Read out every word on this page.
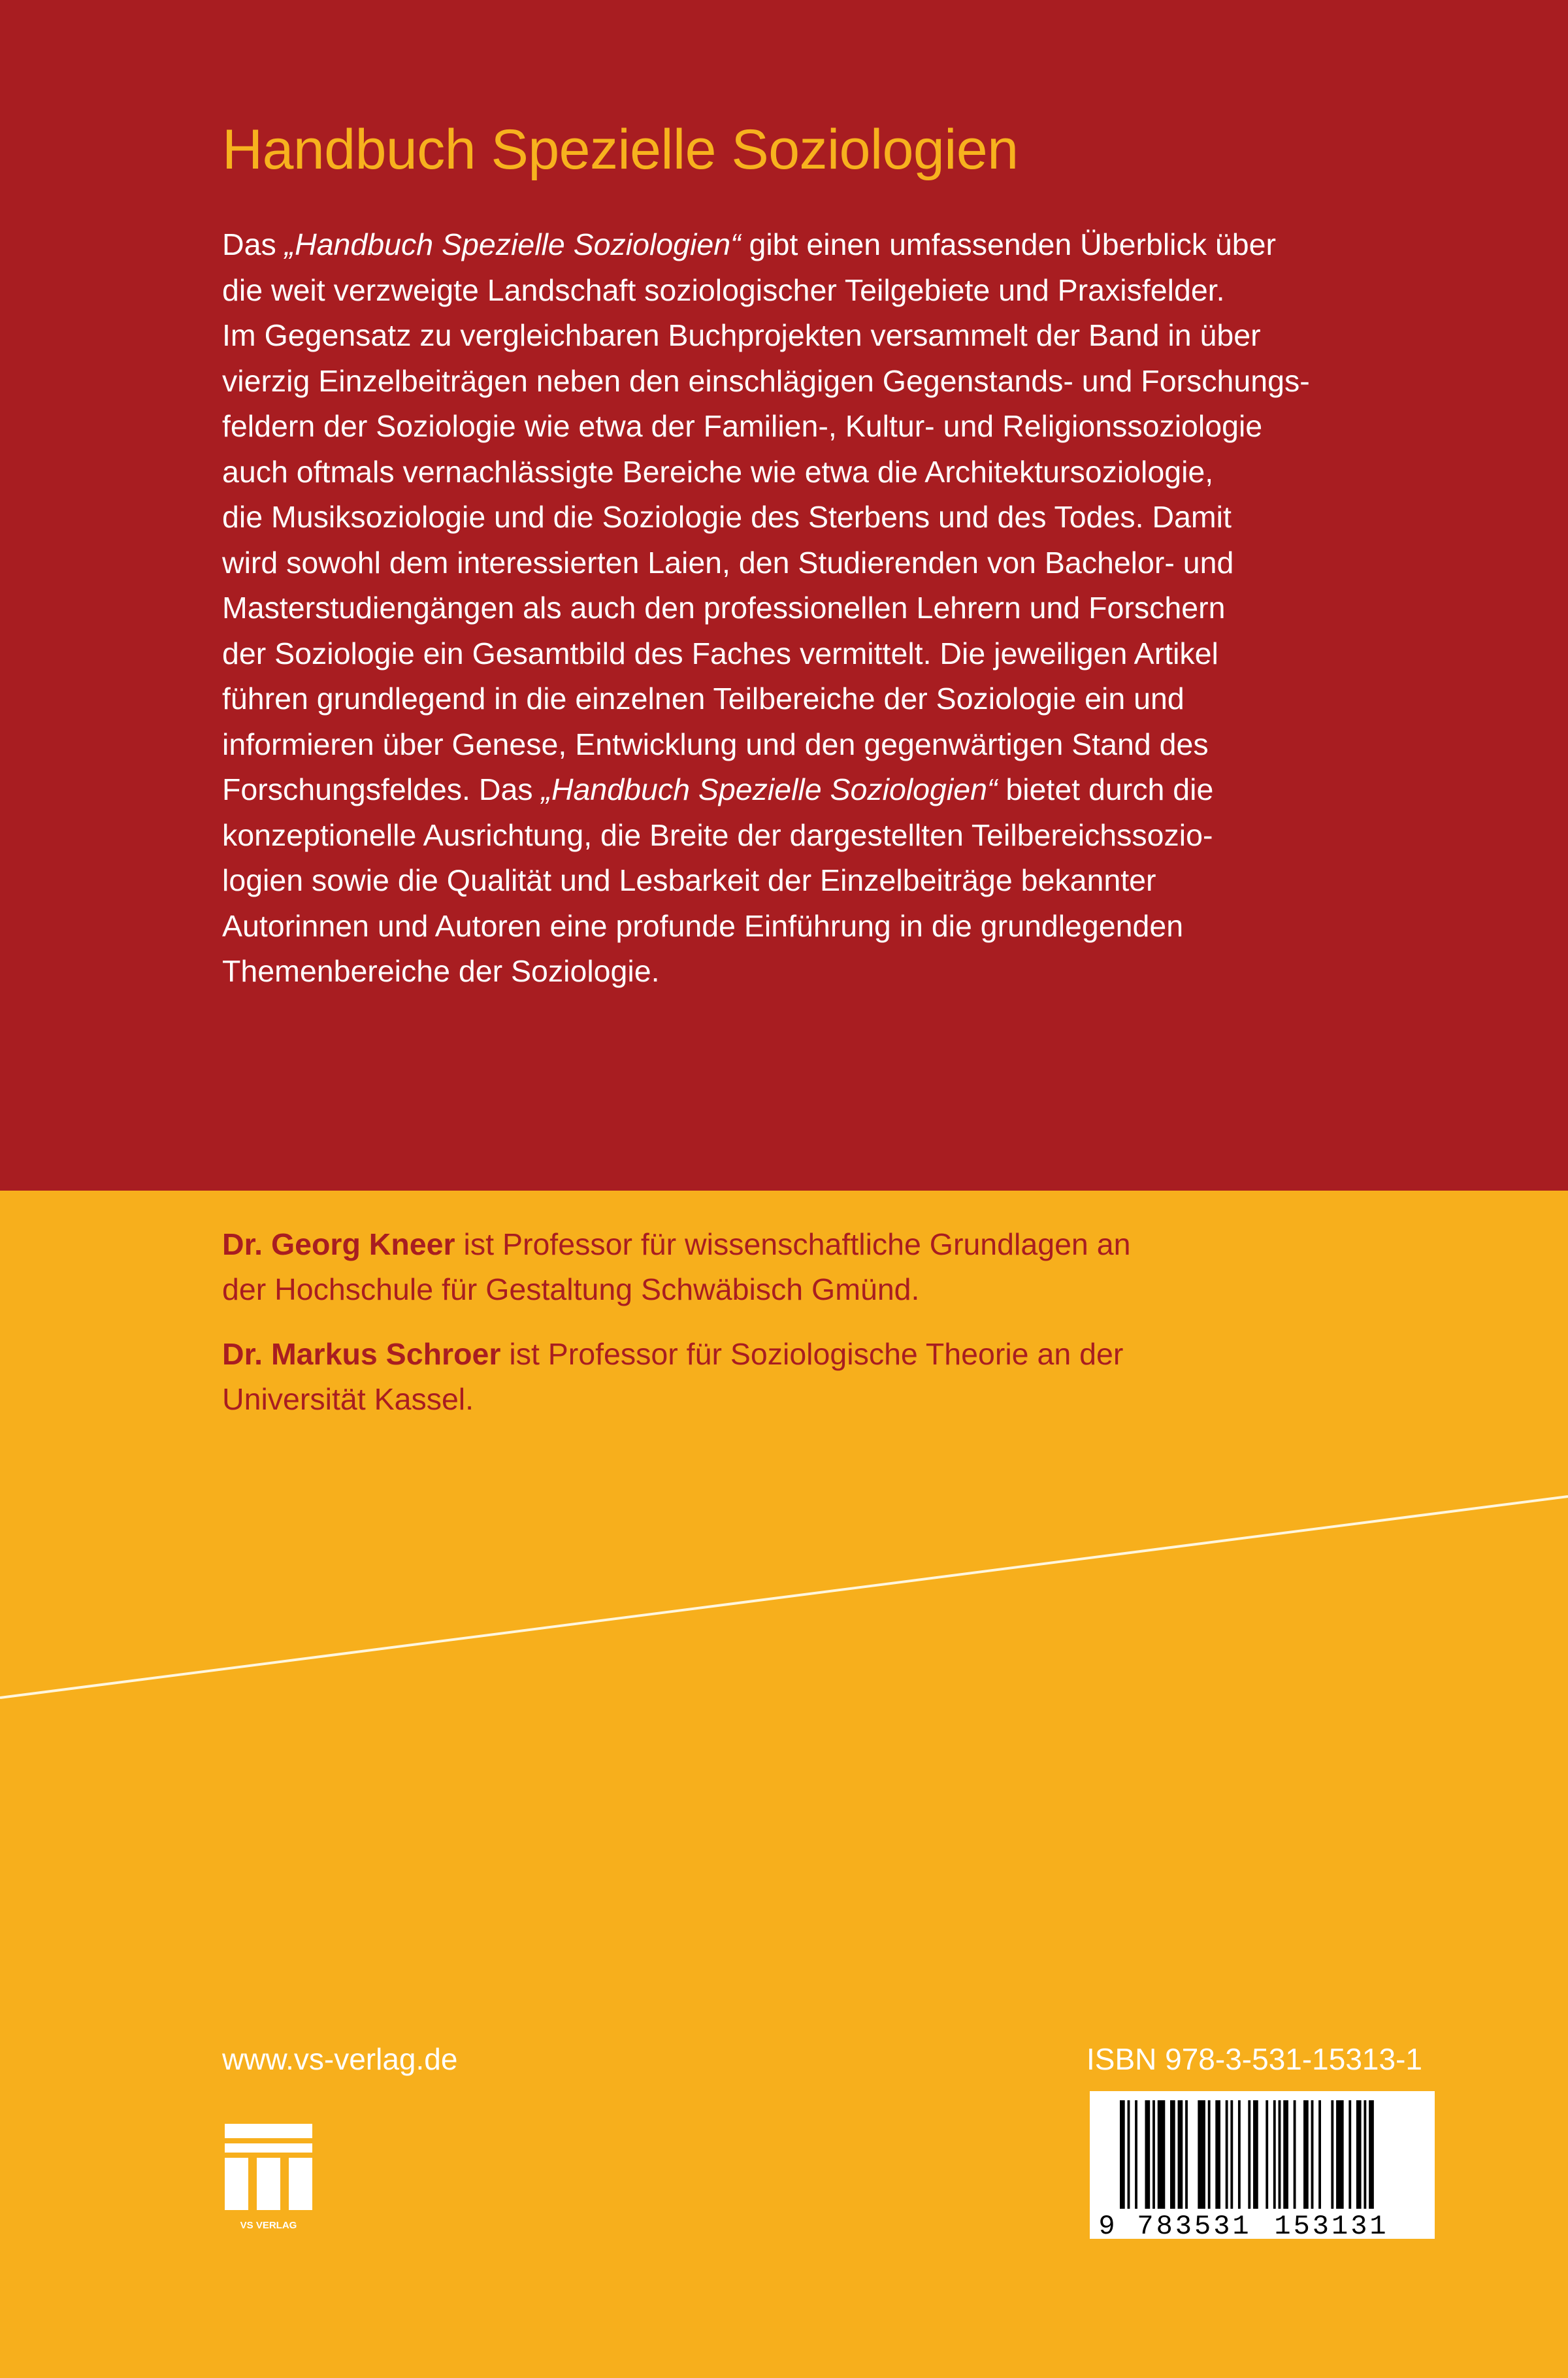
Handbuch Spezielle Soziologien
Das „Handbuch Spezielle Soziologien“ gibt einen umfassenden Überblick über
die weit verzweigte Landschaft soziologischer Teilgebiete und Praxisfelder.
Im Gegensatz zu vergleichbaren Buchprojekten versammelt der Band in über
vierzig Einzelbeiträgen neben den einschlägigen Gegenstands- und Forschungs-
feldern der Soziologie wie etwa der Familien-, Kultur- und Religionssoziologie
auch oftmals vernachlässigte Bereiche wie etwa die Architektursoziologie,
die Musiksoziologie und die Soziologie des Sterbens und des Todes. Damit
wird sowohl dem interessierten Laien, den Studierenden von Bachelor- und
Masterstudiengängen als auch den professionellen Lehrern und Forschern
der Soziologie ein Gesamtbild des Faches vermittelt. Die jeweiligen Artikel
führen grundlegend in die einzelnen Teilbereiche der Soziologie ein und
informieren über Genese, Entwicklung und den gegenwärtigen Stand des
Forschungsfeldes. Das „Handbuch Spezielle Soziologien“ bietet durch die
konzeptionelle Ausrichtung, die Breite der dargestellten Teilbereichssozio-
logien sowie die Qualität und Lesbarkeit der Einzelbeiträge bekannter
Autorinnen und Autoren eine profunde Einführung in die grundlegenden
Themenbereiche der Soziologie.
Dr. Georg Kneer ist Professor für wissenschaftliche Grundlagen an
der Hochschule für Gestaltung Schwäbisch Gmünd.
Dr. Markus Schroer ist Professor für Soziologische Theorie an der
Universität Kassel.
www.vs-verlag.de
VS VERLAG
ISBN 978-3-531-15313-1
9 783531 153131
